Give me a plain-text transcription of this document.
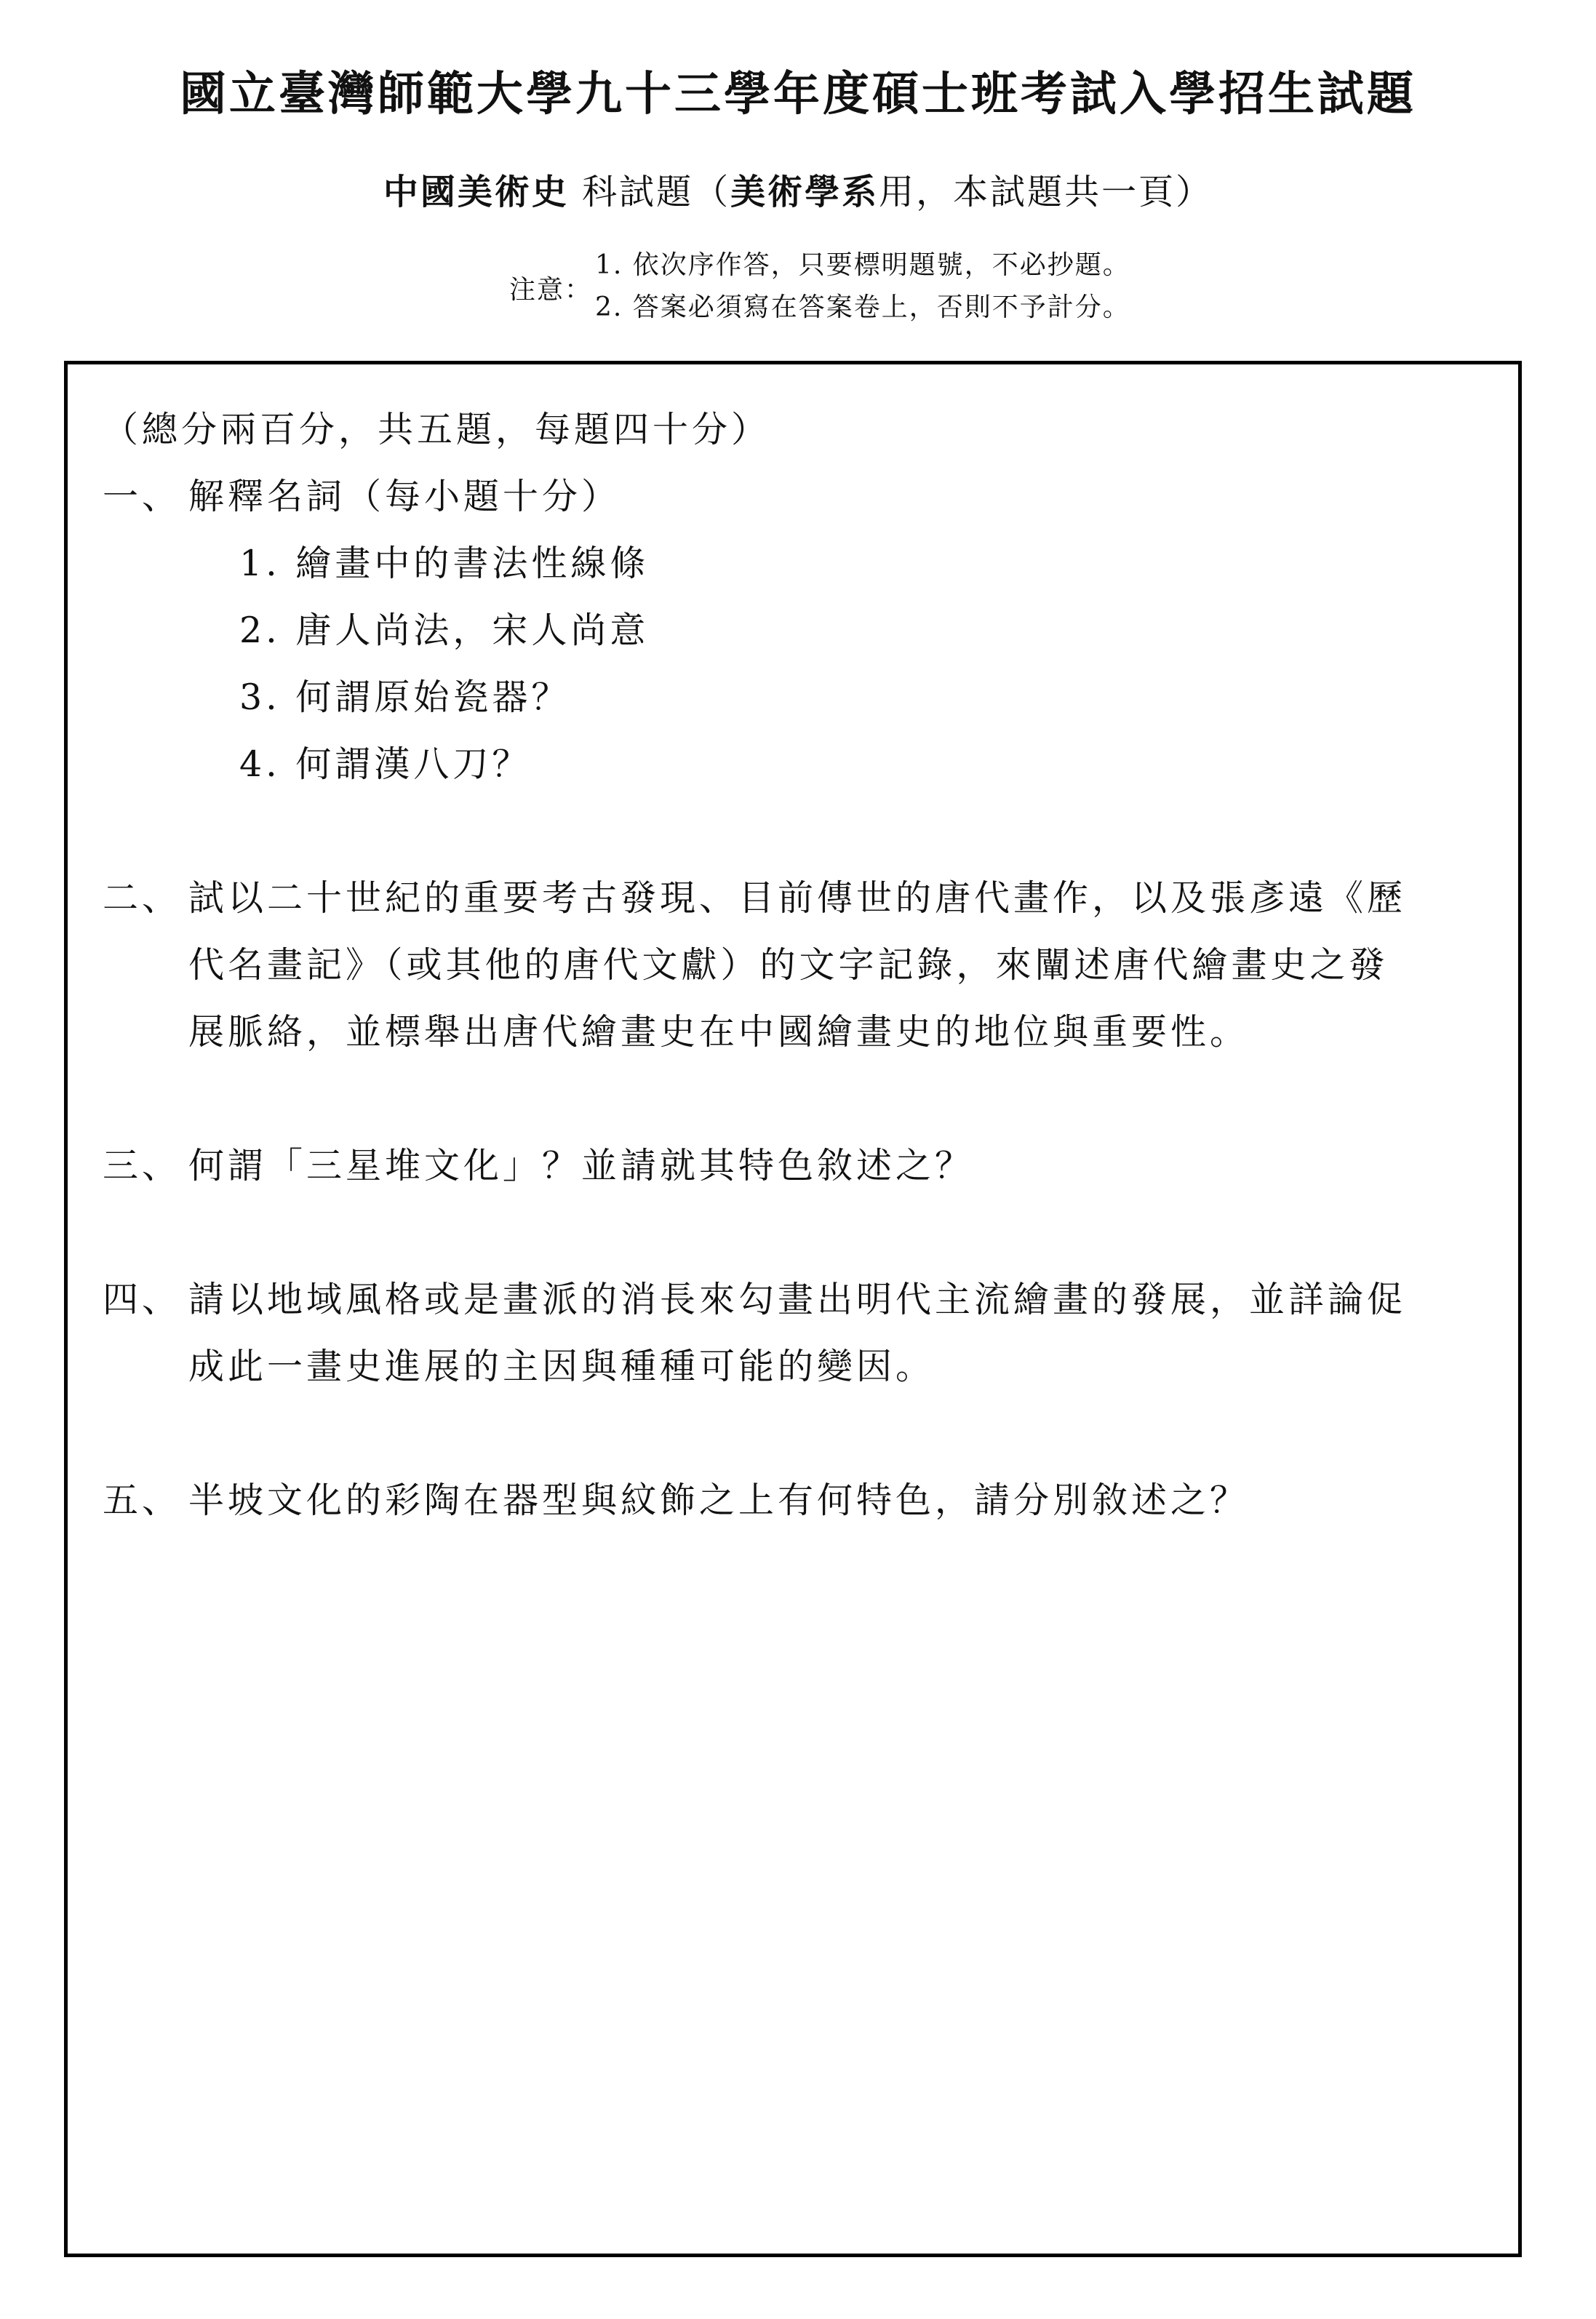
國立臺灣師範大學九十三學年度碩士班考試入學招生試題
中國美術史 科試題（美術學系用，本試題共一頁）
注意：
1. 依次序作答，只要標明題號，不必抄題。
2. 答案必須寫在答案卷上，否則不予計分。
（總分兩百分，共五題，每題四十分）
一、 解釋名詞（每小題十分）
1. 繪畫中的書法性線條
2. 唐人尚法，宋人尚意
3. 何謂原始瓷器？
4. 何謂漢八刀？
二、 試以二十世紀的重要考古發現、目前傳世的唐代畫作，以及張彥遠《歷
代名畫記》（或其他的唐代文獻）的文字記錄，來闡述唐代繪畫史之發
展脈絡，並標舉出唐代繪畫史在中國繪畫史的地位與重要性。
三、 何謂「三星堆文化」？並請就其特色敘述之？
四、 請以地域風格或是畫派的消長來勾畫出明代主流繪畫的發展，並詳論促
成此一畫史進展的主因與種種可能的變因。
五、 半坡文化的彩陶在器型與紋飾之上有何特色，請分別敘述之？
